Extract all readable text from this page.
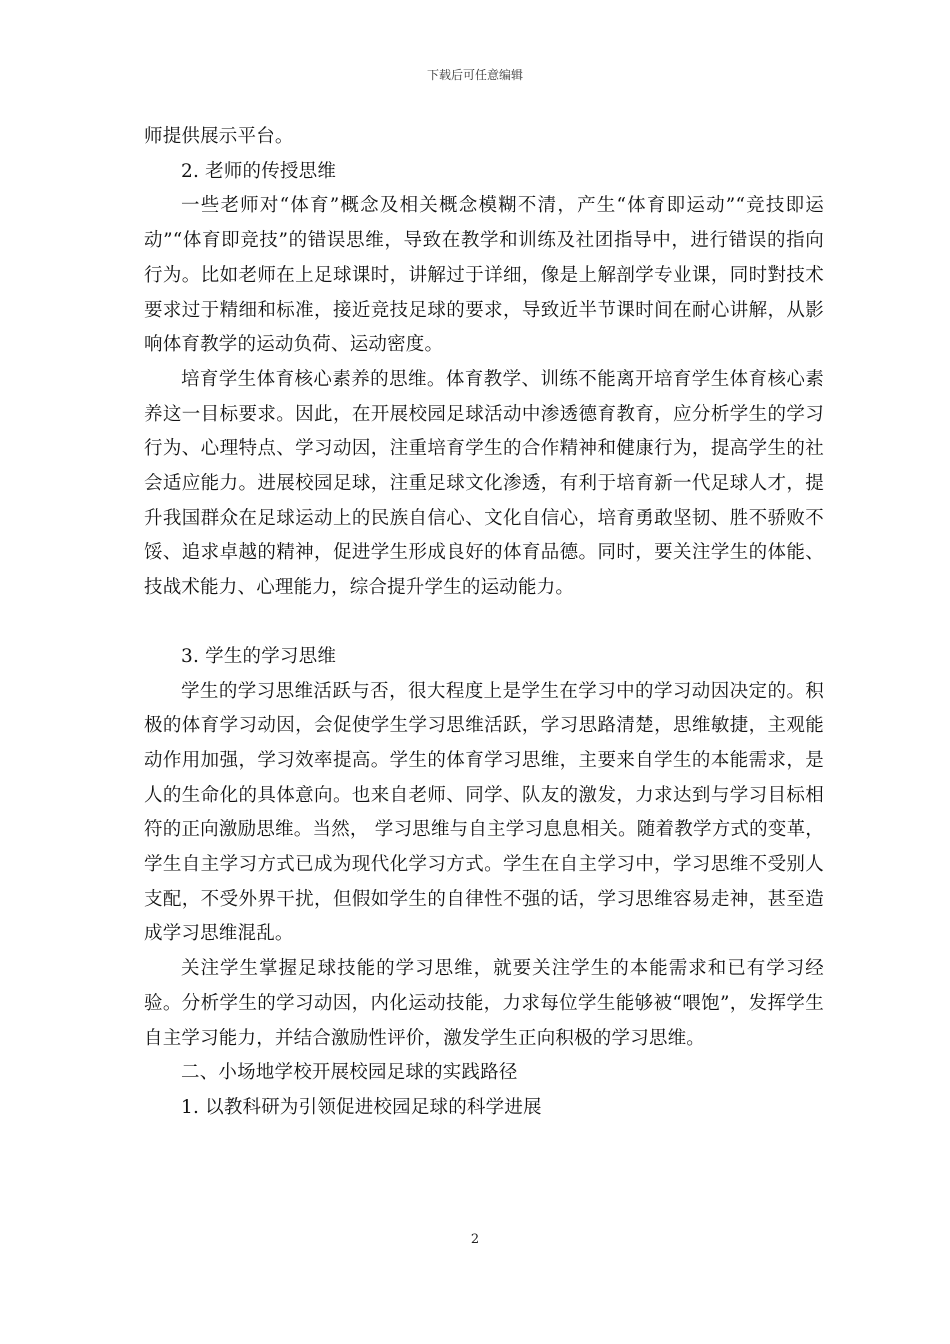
下载后可任意编辑

师提供展示平台。

2. 老师的传授思维

一些老师对“体育”概念及相关概念模糊不清，产生“体育即运动”“竞技即运动”“体育即竞技”的错误思维，导致在教学和训练及社团指导中，进行错误的指向行为。比如老师在上足球课时，讲解过于详细，像是上解剖学专业课，同时對技术要求过于精细和标准，接近竞技足球的要求，导致近半节课时间在耐心讲解，从影响体育教学的运动负荷、运动密度。

培育学生体育核心素养的思维。体育教学、训练不能离开培育学生体育核心素养这一目标要求。因此，在开展校园足球活动中渗透德育教育，应分析学生的学习行为、心理特点、学习动因，注重培育学生的合作精神和健康行为，提高学生的社会适应能力。进展校园足球，注重足球文化渗透，有利于培育新一代足球人才，提升我国群众在足球运动上的民族自信心、文化自信心，培育勇敢坚韧、胜不骄败不馁、追求卓越的精神，促进学生形成良好的体育品德。同时，要关注学生的体能、技战术能力、心理能力，综合提升学生的运动能力。

3. 学生的学习思维

学生的学习思维活跃与否，很大程度上是学生在学习中的学习动因决定的。积极的体育学习动因，会促使学生学习思维活跃，学习思路清楚，思维敏捷，主观能动作用加强，学习效率提高。学生的体育学习思维，主要来自学生的本能需求，是人的生命化的具体意向。也来自老师、同学、队友的激发，力求达到与学习目标相符的正向激励思维。当然， 学习思维与自主学习息息相关。随着教学方式的变革，学生自主学习方式已成为现代化学习方式。学生在自主学习中，学习思维不受别人支配，不受外界干扰，但假如学生的自律性不强的话，学习思维容易走神，甚至造成学习思维混乱。

关注学生掌握足球技能的学习思维，就要关注学生的本能需求和已有学习经验。分析学生的学习动因，内化运动技能，力求每位学生能够被“喂饱”，发挥学生自主学习能力，并结合激励性评价，激发学生正向积极的学习思维。

二、小场地学校开展校园足球的实践路径

1. 以教科研为引领促进校园足球的科学进展

2
